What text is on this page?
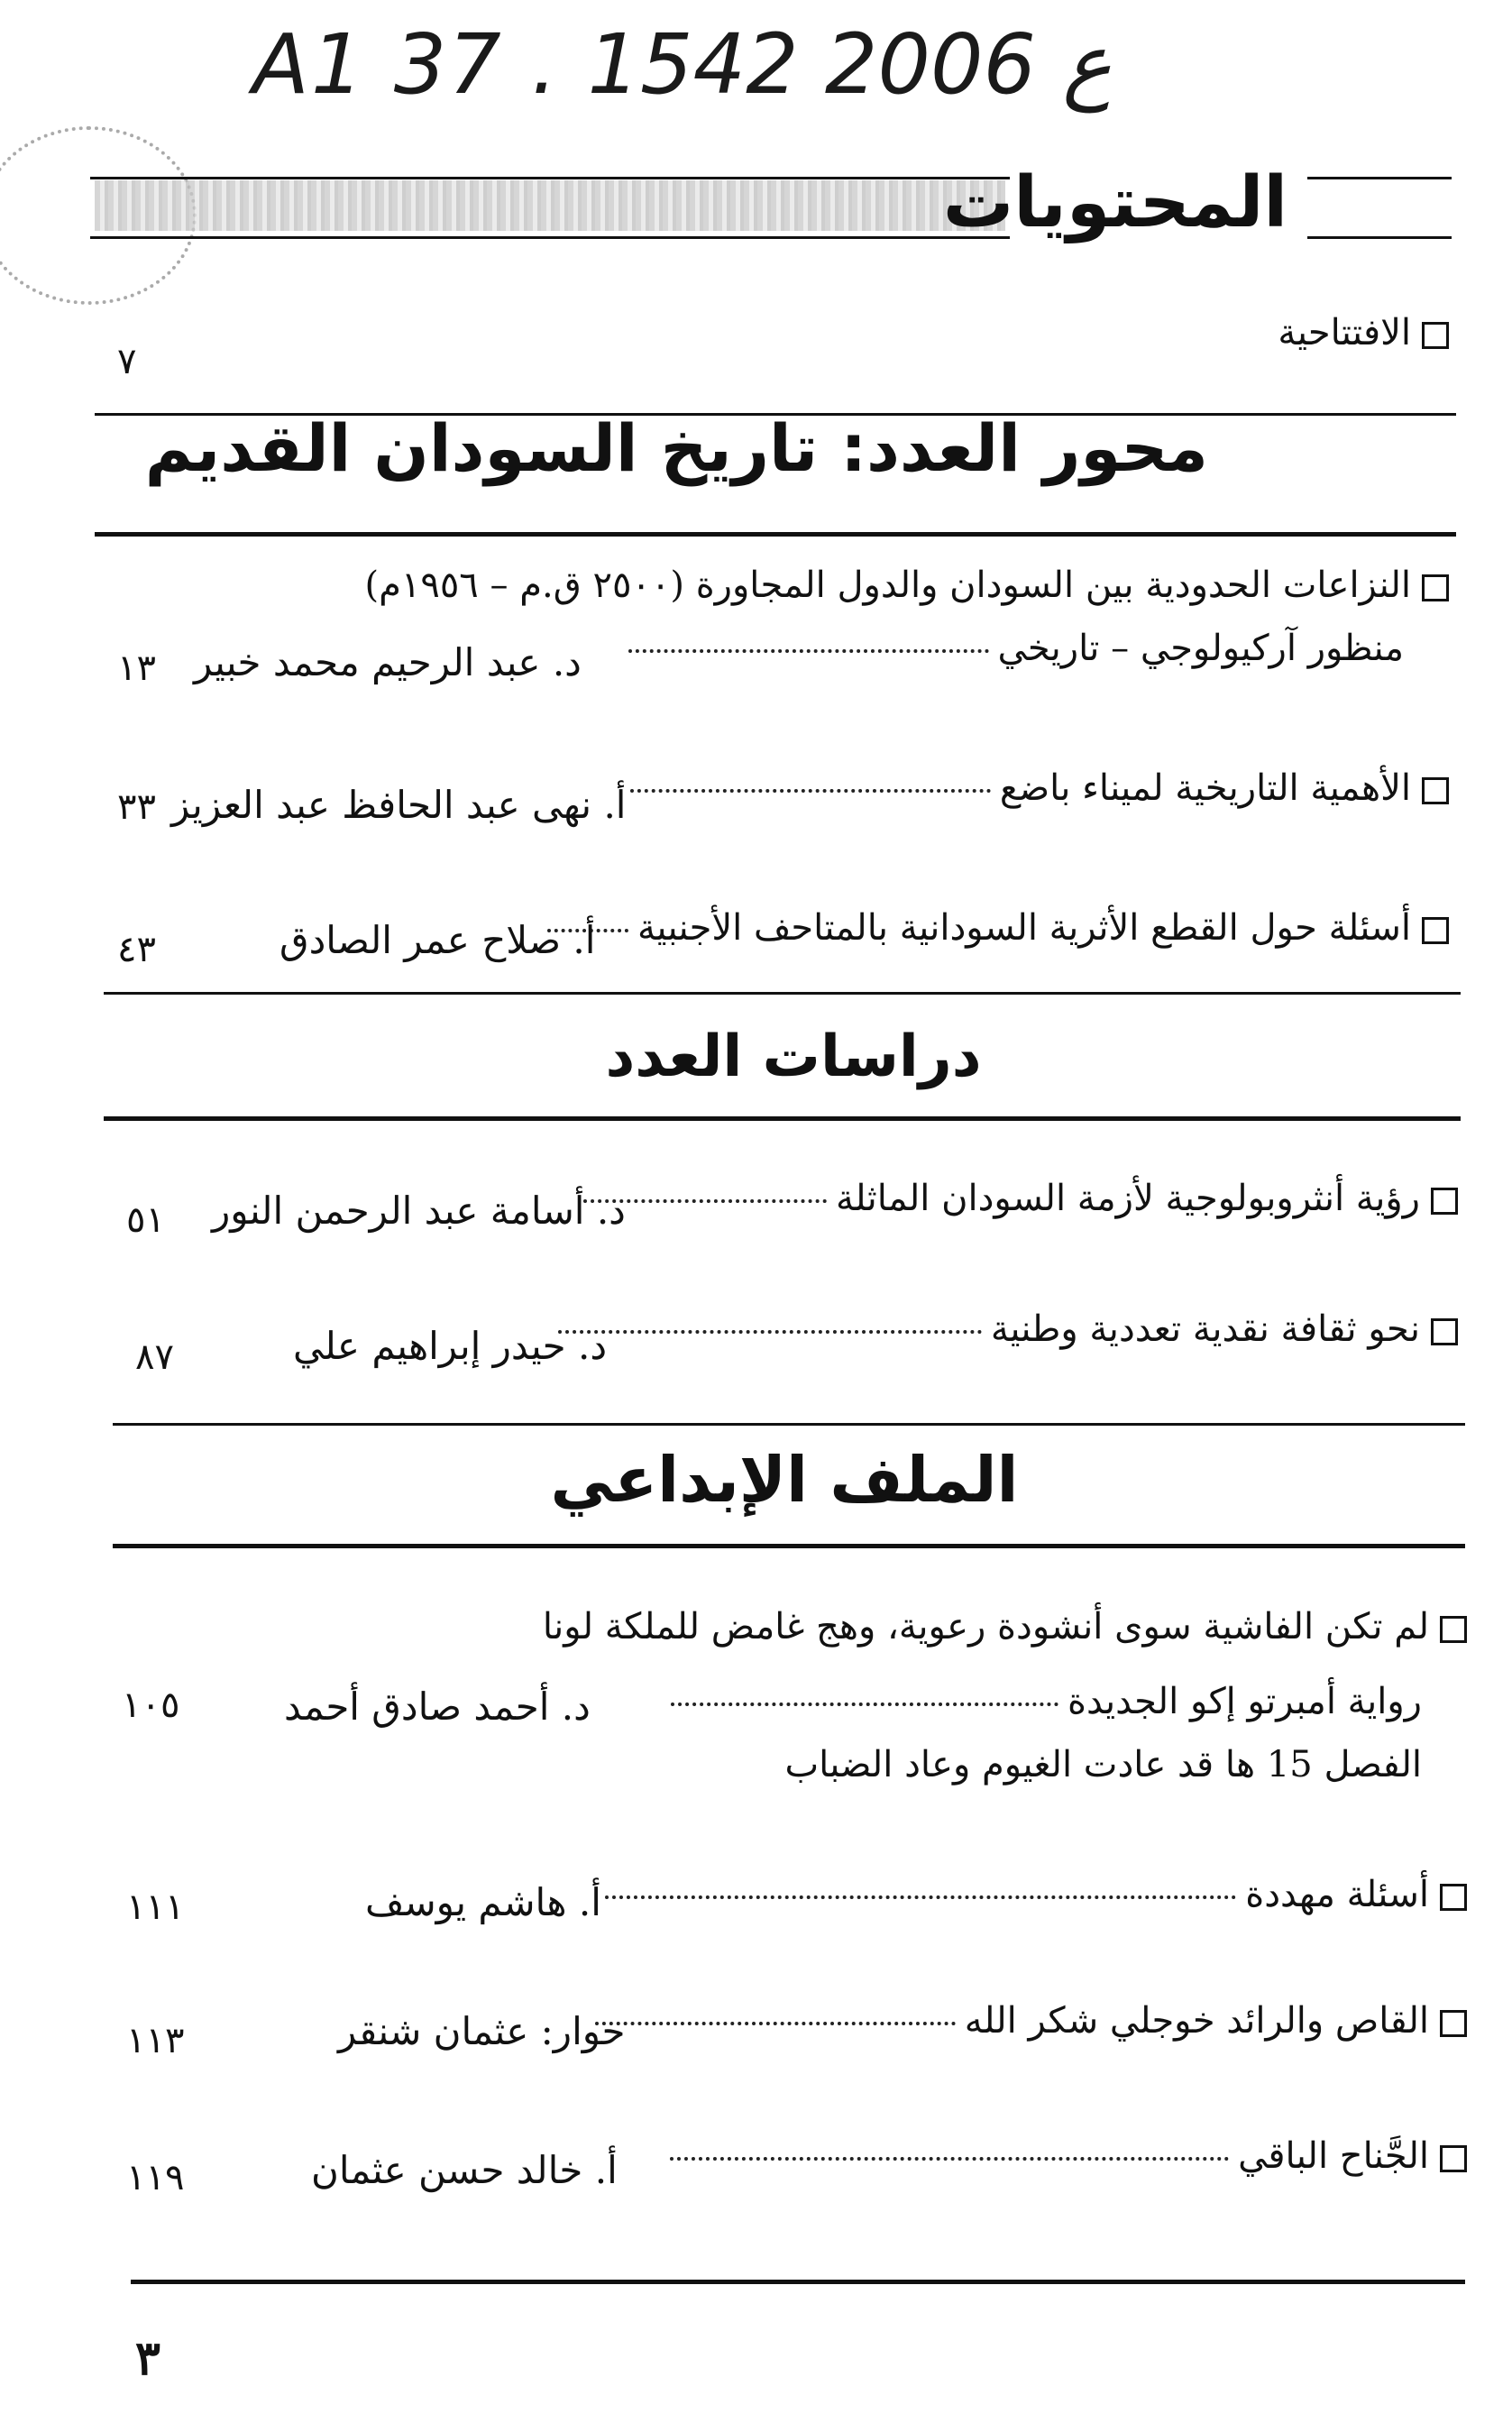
A1 37 . ع 2006 1542
المحتويات
الافتتاحية
٧
محور العدد: تاريخ السودان القديم
النزاعات الحدودية بين السودان والدول المجاورة (٢٥٠٠ ق.م – ١٩٥٦م)
منظور آركيولوجي – تاريخي
د. عبد الرحيم محمد خبير
١٣
الأهمية التاريخية لميناء باضع
أ. نهى عبد الحافظ عبد العزيز
٣٣
أسئلة حول القطع الأثرية السودانية بالمتاحف الأجنبية
أ. صلاح عمر الصادق
٤٣
دراسات العدد
رؤية أنثروبولوجية لأزمة السودان الماثلة
د. أسامة عبد الرحمن النور
٥١
نحو ثقافة نقدية تعددية وطنية
د. حيدر إبراهيم علي
٨٧
الملف الإبداعي
لم تكن الفاشية سوى أنشودة رعوية، وهج غامض للملكة لونا
رواية أمبرتو إكو الجديدة
د. أحمد صادق أحمد
١٠٥
الفصل 15 ها قد عادت الغيوم وعاد الضباب
أسئلة مهددة
أ. هاشم يوسف
١١١
القاص والرائد خوجلي شكر الله
حوار: عثمان شنقر
١١٣
الجَّناح الباقي
أ. خالد حسن عثمان
١١٩
٣
